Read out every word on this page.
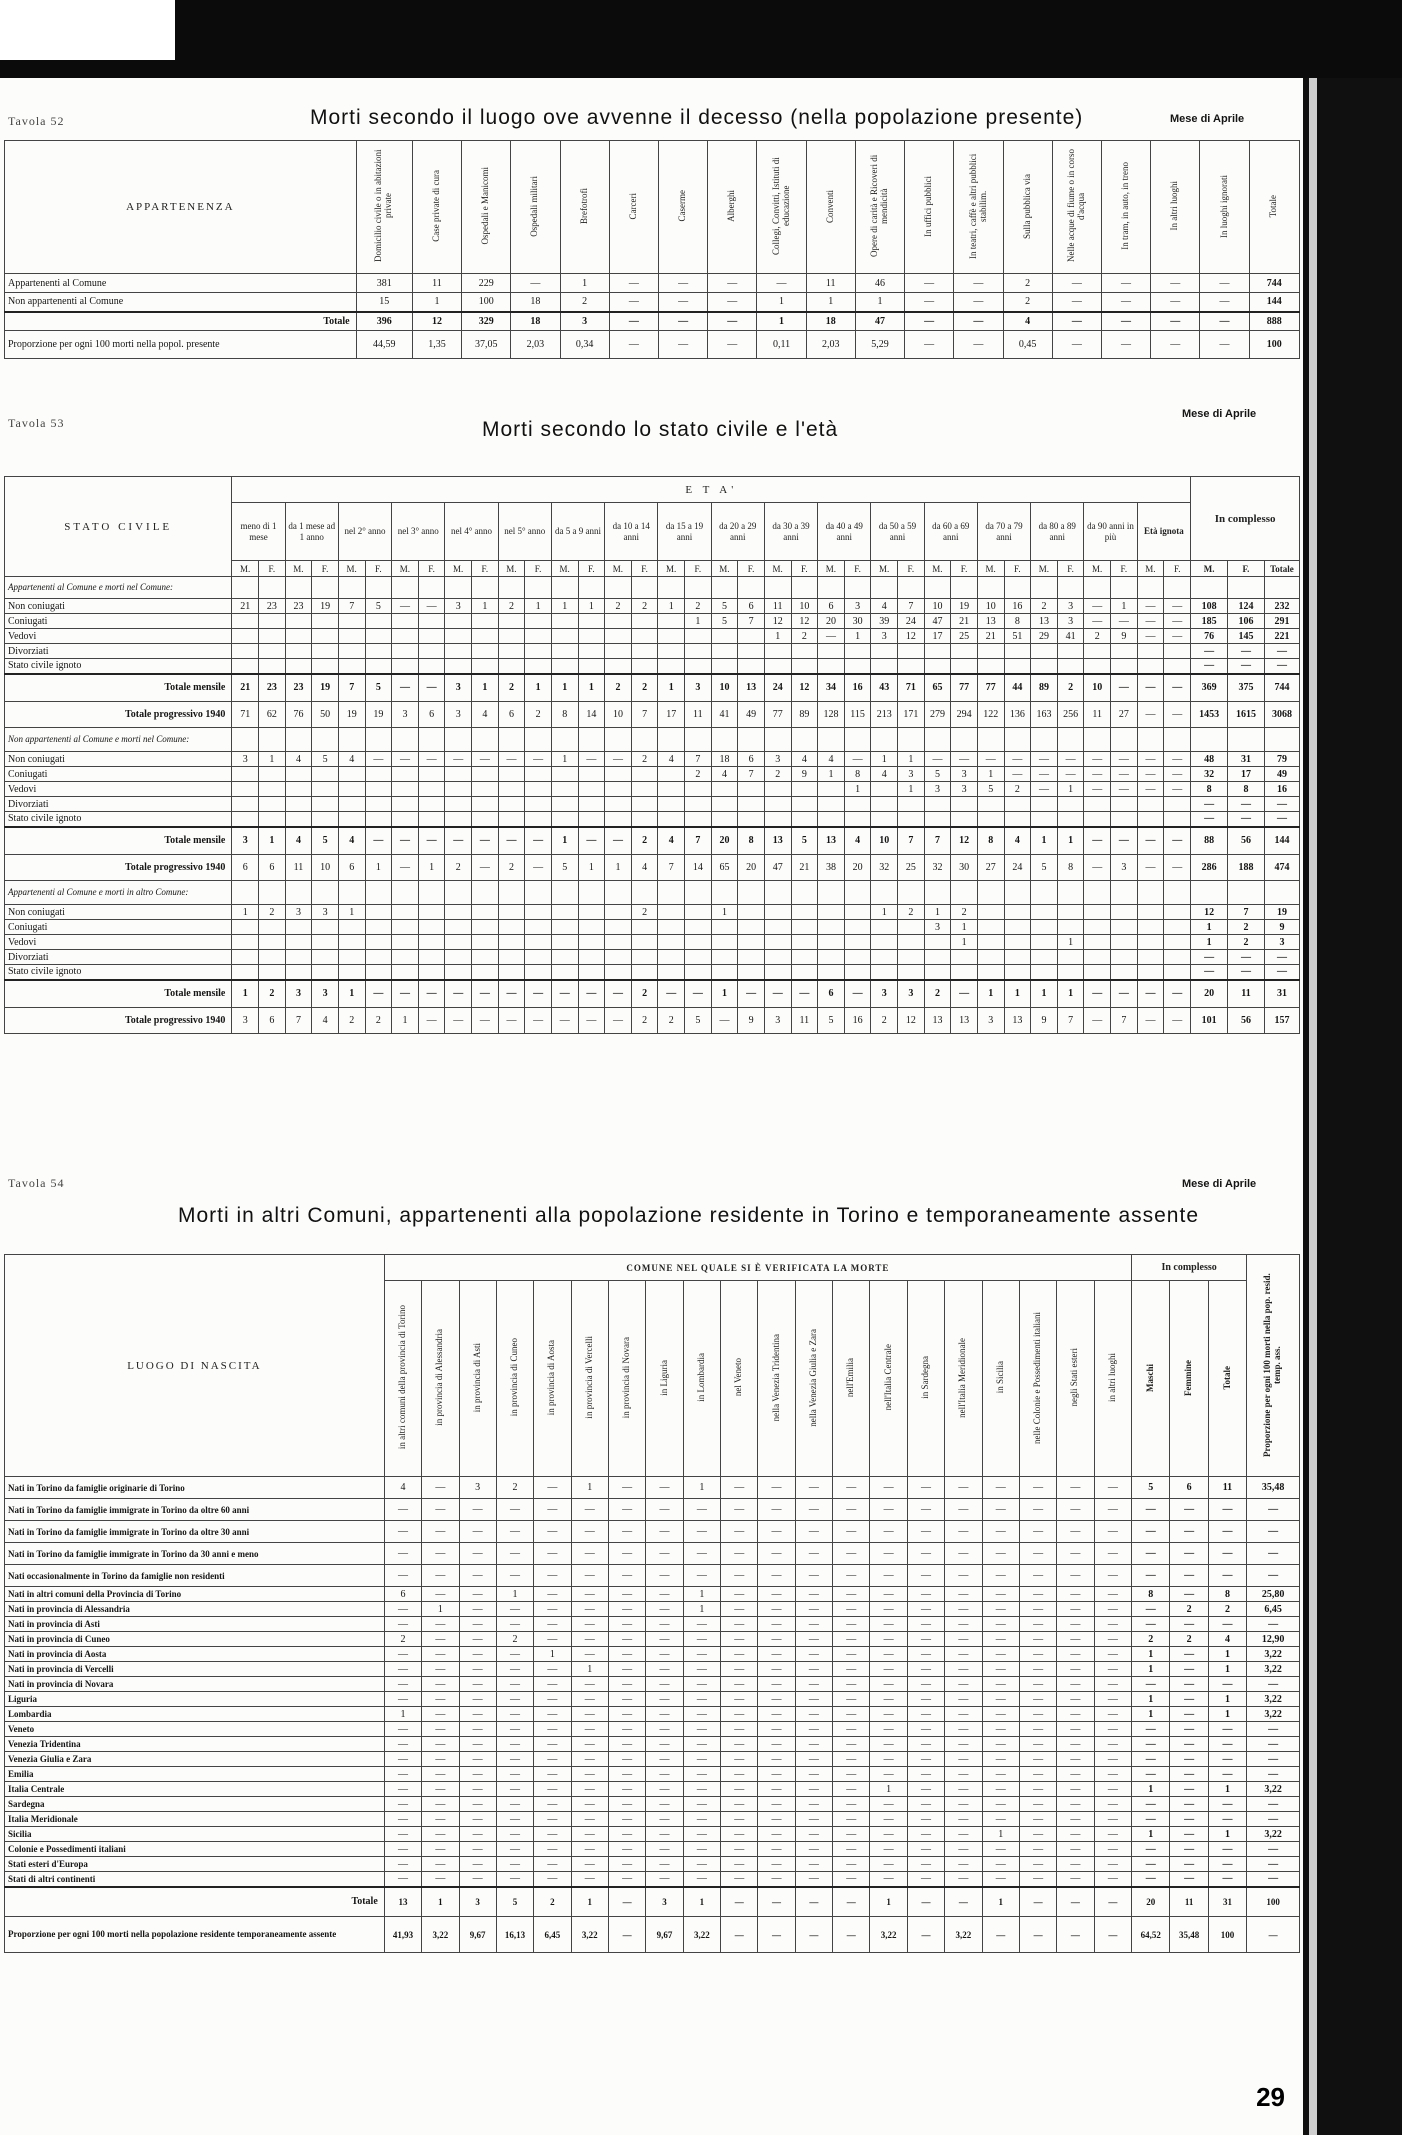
Tavola 52	Morti secondo il luogo ove avvenne il decesso (nella popolazione presente)	Mese di Aprile
APPARTENENZA	Domicilio civile o in abitazioni private	Case private di cura	Ospedali e Manicomi	Ospedali militari	Brefotrofi	Carceri	Caserme	Alberghi	Collegi, Convitti, Istituti di educazione	Conventi	Opere di carità e Ricoveri di mendicità	In uffici pubblici	In teatri, caffè e altri pubblici stabilim.	Sulla pubblica via	Nelle acque di fiume o in corso d'acqua	In tram, in auto, in treno	In altri luoghi	In luoghi ignorati	Totale
Appartenenti al Comune	381	11	229	—	1	—	—	—	—	11	46	—	—	2	—	—	—	—	744
Non appartenenti al Comune	15	1	100	18	2	—	—	—	1	1	1	—	—	2	—	—	—	—	144
Totale	396	12	329	18	3	—	—	—	1	18	47	—	—	4	—	—	—	—	888
Proporzione per ogni 100 morti nella popol. presente	44,59	1,35	37,05	2,03	0,34	—	—	—	0,11	2,03	5,29	—	—	0,45	—	—	—	—	100
Tavola 53	Morti secondo lo stato civile e l'età
Mese di Aprile
STATO CIVILE	E T A'																																				In complesso		
	meno di 1 mese		da 1 mese ad 1 anno		nel 2° anno		nel 3° anno		nel 4° anno		nel 5° anno		da 5 a 9 anni		da 10 a 14 anni		da 15 a 19 anni		da 20 a 29 anni		da 30 a 39 anni		da 40 a 49 anni		da 50 a 59 anni		da 60 a 69 anni		da 70 a 79 anni		da 80 a 89 anni		da 90 anni in più		Età ignota				
	M.	F.	M.	F.	M.	F.	M.	F.	M.	F.	M.	F.	M.	F.	M.	F.	M.	F.	M.	F.	M.	F.	M.	F.	M.	F.	M.	F.	M.	F.	M.	F.	M.	F.	M.	F.	M.	F.	Totale
Appartenenti al Comune e morti nel Comune:																																							
Non coniugati	21	23	23	19	7	5	—	—	3	1	2	1	1	1	2	2	1	2	5	6	11	10	6	3	4	7	10	19	10	16	2	3	—	1	—	—	108	124	232
Coniugati																		1	5	7	12	12	20	30	39	24	47	21	13	8	13	3	—	—	—	—	185	106	291
Vedovi																					1	2	—	1	3	12	17	25	21	51	29	41	2	9	—	—	76	145	221
Divorziati																																					—	—	—
Stato civile ignoto																																					—	—	—
Totale mensile	21	23	23	19	7	5	—	—	3	1	2	1	1	1	2	2	1	3	10	13	24	12	34	16	43	71	65	77	77	44	89	2	10	—	—	—	369	375	744
Totale progressivo 1940	71	62	76	50	19	19	3	6	3	4	6	2	8	14	10	7	17	11	41	49	77	89	128	115	213	171	279	294	122	136	163	256	11	27	—	—	1453	1615	3068
Non appartenenti al Comune e morti nel Comune:																																							
Non coniugati	3	1	4	5	4	—	—	—	—	—	—	—	1	—	—	2	4	7	18	6	3	4	4	—	1	1	—	—	—	—	—	—	—	—	—	—	48	31	79
Coniugati																		2	4	7	2	9	1	8	4	3	5	3	1	—	—	—	—	—	—	—	32	17	49
Vedovi																								1		1	3	3	5	2	—	1	—	—	—	—	8	8	16
Divorziati																																					—	—	—
Stato civile ignoto																																					—	—	—
Totale mensile	3	1	4	5	4	—	—	—	—	—	—	—	1	—	—	2	4	7	20	8	13	5	13	4	10	7	7	12	8	4	1	1	—	—	—	—	88	56	144
Totale progressivo 1940	6	6	11	10	6	1	—	1	2	—	2	—	5	1	1	4	7	14	65	20	47	21	38	20	32	25	32	30	27	24	5	8	—	3	—	—	286	188	474
Appartenenti al Comune e morti in altro Comune:																																							
Non coniugati	1	2	3	3	1											2			1						1	2	1	2									12	7	19
Coniugati																											3	1									1	2	9
Vedovi																												1				1					1	2	3
Divorziati																																					—	—	—
Stato civile ignoto																																					—	—	—
Totale mensile	1	2	3	3	1	—	—	—	—	—	—	—	—	—	—	2	—	—	1	—	—	—	6	—	3	3	2	—	1	1	1	1	—	—	—	—	20	11	31
Totale progressivo 1940	3	6	7	4	2	2	1	—	—	—	—	—	—	—	—	2	2	5	—	9	3	11	5	16	2	12	13	13	3	13	9	7	—	7	—	—	101	56	157
Tavola 54
Morti in altri Comuni, appartenenti alla popolazione residente in Torino e temporaneamente assente
Mese di Aprile
LUOGO DI NASCITA	COMUNE NEL QUALE SI È VERIFICATA LA MORTE																				In complesso			Proporzione per ogni 100 morti nella pop. resid. temp. ass.
	in altri comuni della provincia di Torino	in provincia di Alessandria	in provincia di Asti	in provincia di Cuneo	in provincia di Aosta	in provincia di Vercelli	in provincia di Novara	in Liguria	in Lombardia	nel Veneto	nella Venezia Tridentina	nella Venezia Giulia e Zara	nell'Emilia	nell'Italia Centrale	in Sardegna	nell'Italia Meridionale	in Sicilia	nelle Colonie e Possedimenti italiani	negli Stati esteri	in altri luoghi	Maschi	Femmine	Totale	
Nati in Torino da famiglie originarie di Torino	4	—	3	2	—	1	—	—	1	—	—	—	—	—	—	—	—	—	—	—	5	6	11	35,48
Nati in Torino da famiglie immigrate in Torino da oltre 60 anni	—	—	—	—	—	—	—	—	—	—	—	—	—	—	—	—	—	—	—	—	—	—	—	—
Nati in Torino da famiglie immigrate in Torino da oltre 30 anni	—	—	—	—	—	—	—	—	—	—	—	—	—	—	—	—	—	—	—	—	—	—	—	—
Nati in Torino da famiglie immigrate in Torino da 30 anni e meno	—	—	—	—	—	—	—	—	—	—	—	—	—	—	—	—	—	—	—	—	—	—	—	—
Nati occasionalmente in Torino da famiglie non residenti	—	—	—	—	—	—	—	—	—	—	—	—	—	—	—	—	—	—	—	—	—	—	—	—
Nati in altri comuni della Provincia di Torino	6	—	—	1	—	—	—	—	1	—	—	—	—	—	—	—	—	—	—	—	8	—	8	25,80
Nati in provincia di Alessandria	—	1	—	—	—	—	—	—	1	—	—	—	—	—	—	—	—	—	—	—	—	2	2	6,45
Nati in provincia di Asti	—	—	—	—	—	—	—	—	—	—	—	—	—	—	—	—	—	—	—	—	—	—	—	—
Nati in provincia di Cuneo	2	—	—	2	—	—	—	—	—	—	—	—	—	—	—	—	—	—	—	—	2	2	4	12,90
Nati in provincia di Aosta	—	—	—	—	1	—	—	—	—	—	—	—	—	—	—	—	—	—	—	—	1	—	1	3,22
Nati in provincia di Vercelli	—	—	—	—	—	1	—	—	—	—	—	—	—	—	—	—	—	—	—	—	1	—	1	3,22
Nati in provincia di Novara	—	—	—	—	—	—	—	—	—	—	—	—	—	—	—	—	—	—	—	—	—	—	—	—
Liguria	—	—	—	—	—	—	—	—	—	—	—	—	—	—	—	—	—	—	—	—	1	—	1	3,22
Lombardia	1	—	—	—	—	—	—	—	—	—	—	—	—	—	—	—	—	—	—	—	1	—	1	3,22
Veneto	—	—	—	—	—	—	—	—	—	—	—	—	—	—	—	—	—	—	—	—	—	—	—	—
Venezia Tridentina	—	—	—	—	—	—	—	—	—	—	—	—	—	—	—	—	—	—	—	—	—	—	—	—
Venezia Giulia e Zara	—	—	—	—	—	—	—	—	—	—	—	—	—	—	—	—	—	—	—	—	—	—	—	—
Emilia	—	—	—	—	—	—	—	—	—	—	—	—	—	—	—	—	—	—	—	—	—	—	—	—
Italia Centrale	—	—	—	—	—	—	—	—	—	—	—	—	—	1	—	—	—	—	—	—	1	—	1	3,22
Sardegna	—	—	—	—	—	—	—	—	—	—	—	—	—	—	—	—	—	—	—	—	—	—	—	—
Italia Meridionale	—	—	—	—	—	—	—	—	—	—	—	—	—	—	—	—	—	—	—	—	—	—	—	—
Sicilia	—	—	—	—	—	—	—	—	—	—	—	—	—	—	—	—	1	—	—	—	1	—	1	3,22
Colonie e Possedimenti italiani	—	—	—	—	—	—	—	—	—	—	—	—	—	—	—	—	—	—	—	—	—	—	—	—
Stati esteri d'Europa	—	—	—	—	—	—	—	—	—	—	—	—	—	—	—	—	—	—	—	—	—	—	—	—
Stati di altri continenti	—	—	—	—	—	—	—	—	—	—	—	—	—	—	—	—	—	—	—	—	—	—	—	—
Totale	13	1	3	5	2	1	—	3	1	—	—	—	—	1	—	—	1	—	—	—	20	11	31	100
Proporzione per ogni 100 morti nella popolazione residente temporaneamente assente	41,93	3,22	9,67	16,13	6,45	3,22	—	9,67	3,22	—	—	—	—	3,22	—	3,22	—	—	—	—	64,52	35,48	100	—
29
